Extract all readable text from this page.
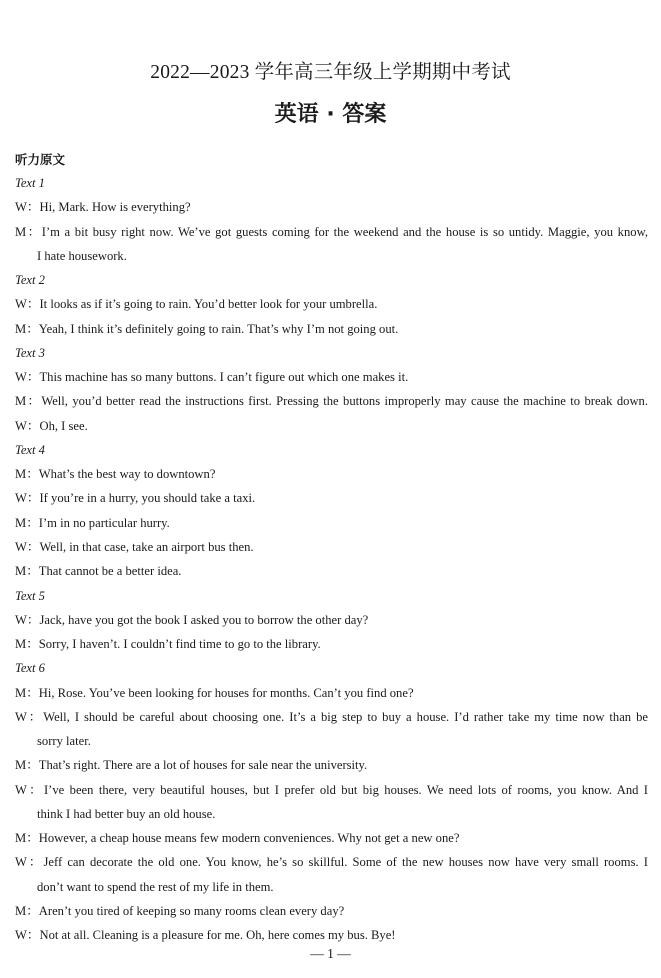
2022—2023 学年高三年级上学期期中考试
英语 · 答案
听力原文
Text 1
W：Hi, Mark. How is everything?
M：I’m a bit busy right now. We’ve got guests coming for the weekend and the house is so untidy. Maggie, you know,
I hate housework.
Text 2
W：It looks as if it’s going to rain. You’d better look for your umbrella.
M：Yeah, I think it’s definitely going to rain. That’s why I’m not going out.
Text 3
W：This machine has so many buttons. I can’t figure out which one makes it.
M：Well, you’d better read the instructions first. Pressing the buttons improperly may cause the machine to break down.
W：Oh, I see.
Text 4
M：What’s the best way to downtown?
W：If you’re in a hurry, you should take a taxi.
M：I’m in no particular hurry.
W：Well, in that case, take an airport bus then.
M：That cannot be a better idea.
Text 5
W：Jack, have you got the book I asked you to borrow the other day?
M：Sorry, I haven’t. I couldn’t find time to go to the library.
Text 6
M：Hi, Rose. You’ve been looking for houses for months. Can’t you find one?
W：Well, I should be careful about choosing one. It’s a big step to buy a house. I’d rather take my time now than be
sorry later.
M：That’s right. There are a lot of houses for sale near the university.
W：I’ve been there, very beautiful houses, but I prefer old but big houses. We need lots of rooms, you know. And I
think I had better buy an old house.
M：However, a cheap house means few modern conveniences. Why not get a new one?
W：Jeff can decorate the old one. You know, he’s so skillful. Some of the new houses now have very small rooms. I
don’t want to spend the rest of my life in them.
M：Aren’t you tired of keeping so many rooms clean every day?
W：Not at all. Cleaning is a pleasure for me. Oh, here comes my bus. Bye!
— 1 —
